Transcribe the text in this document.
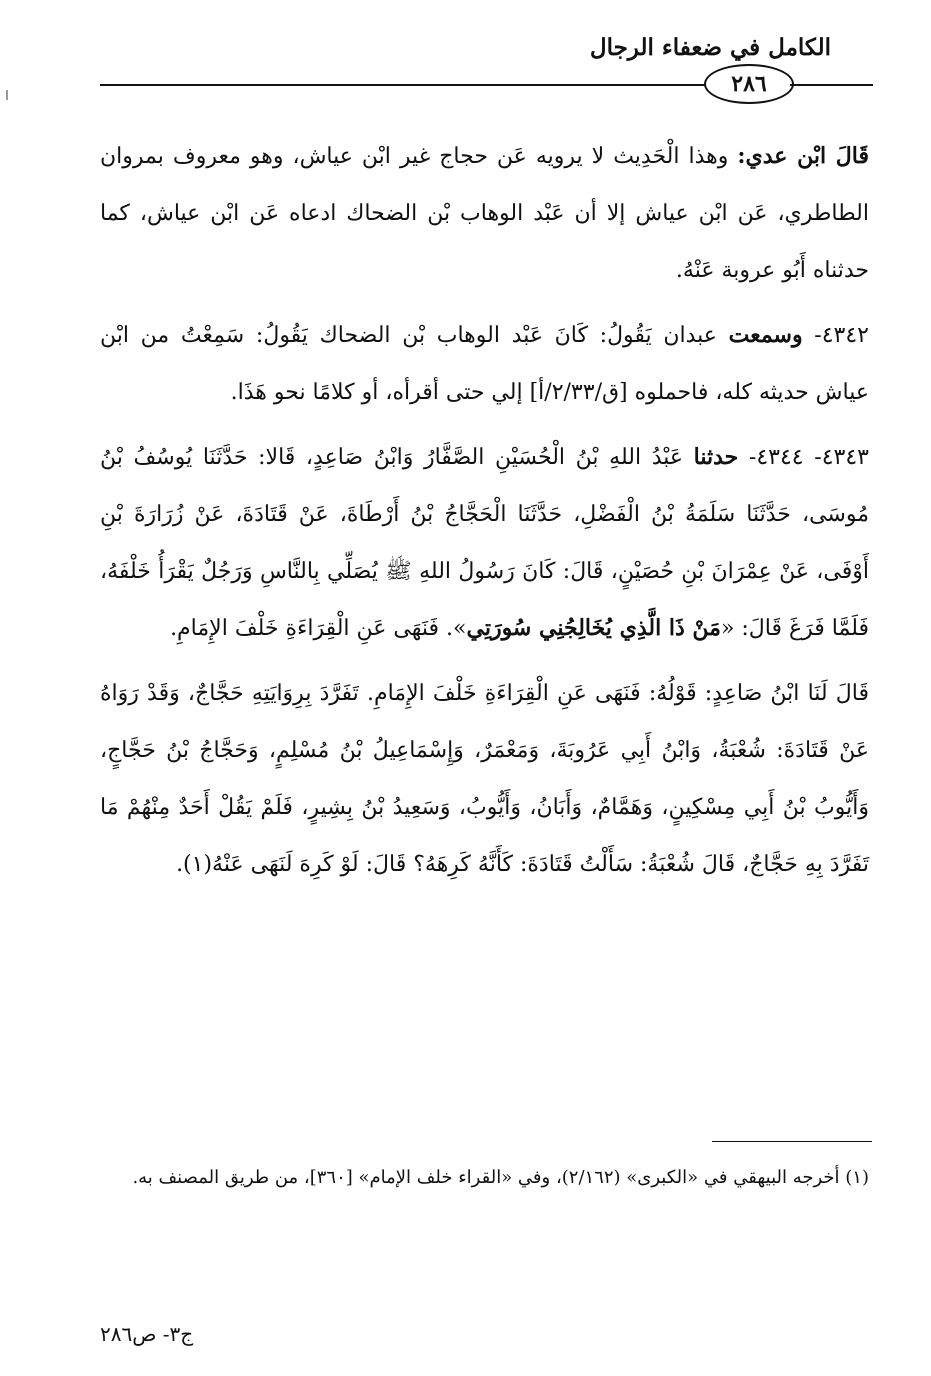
الكامل في ضعفاء الرجال
٢٨٦

قَالَ ابْن عدي: وهذا الْحَدِيث لا يرويه عَن حجاج غير ابْن عياش، وهو معروف بمروان الطاطري، عَن ابْن عياش إلا أن عَبْد الوهاب بْن الضحاك ادعاه عَن ابْن عياش، كما حدثناه أَبُو عروبة عَنْهُ.

٤٣٤٢- وسمعت عبدان يَقُولُ: كَانَ عَبْد الوهاب بْن الضحاك يَقُولُ: سَمِعْتُ من ابْن عياش حديثه كله، فاحملوه [ق/٢/٣٣/أ] إلي حتى أقرأه، أو كلامًا نحو هَذَا.

٤٣٤٣- ٤٣٤٤- حدثنا عَبْدُ اللهِ بْنُ الْحُسَيْنِ الصَّفَّارُ وَابْنُ صَاعِدٍ، قَالا: حَدَّثَنَا يُوسُفُ بْنُ مُوسَى، حَدَّثَنَا سَلَمَةُ بْنُ الْفَضْلِ، حَدَّثَنَا الْحَجَّاجُ بْنُ أَرْطَاةَ، عَنْ قَتَادَةَ، عَنْ زُرَارَةَ بْنِ أَوْفَى، عَنْ عِمْرَانَ بْنِ حُصَيْنٍ، قَالَ: كَانَ رَسُولُ اللهِ ﷺ يُصَلِّي بِالنَّاسِ وَرَجُلٌ يَقْرَأُ خَلْفَهُ، فَلَمَّا فَرَغَ قَالَ: «مَنْ ذَا الَّذِي يُخَالِجُنِي سُورَتِي». فَنَهَى عَنِ الْقِرَاءَةِ خَلْفَ الإِمَامِ.

قَالَ لَنَا ابْنُ صَاعِدٍ: قَوْلُهُ: فَنَهَى عَنِ الْقِرَاءَةِ خَلْفَ الإِمَامِ. تَفَرَّدَ بِرِوَايَتِهِ حَجَّاجٌ، وَقَدْ رَوَاهُ عَنْ قَتَادَةَ: شُعْبَةُ، وَابْنُ أَبِي عَرُوبَةَ، وَمَعْمَرٌ، وَإِسْمَاعِيلُ بْنُ مُسْلِمٍ، وَحَجَّاجُ بْنُ حَجَّاجٍ، وَأَيُّوبُ بْنُ أَبِي مِسْكِينٍ، وَهَمَّامٌ، وَأَبَانُ، وَأَيُّوبُ، وَسَعِيدُ بْنُ بِشِيرٍ، فَلَمْ يَقُلْ أَحَدٌ مِنْهُمْ مَا تَفَرَّدَ بِهِ حَجَّاجٌ، قَالَ شُعْبَةُ: سَأَلْتُ قَتَادَةَ: كَأَنَّهُ كَرِهَهُ؟ قَالَ: لَوْ كَرِهَ لَنَهَى عَنْهُ(١).

(١) أخرجه البيهقي في «الكبرى» (٢/١٦٢)، وفي «القراء خلف الإمام» [٣٦٠]، من طريق المصنف به.
ج٣- ص٢٨٦
